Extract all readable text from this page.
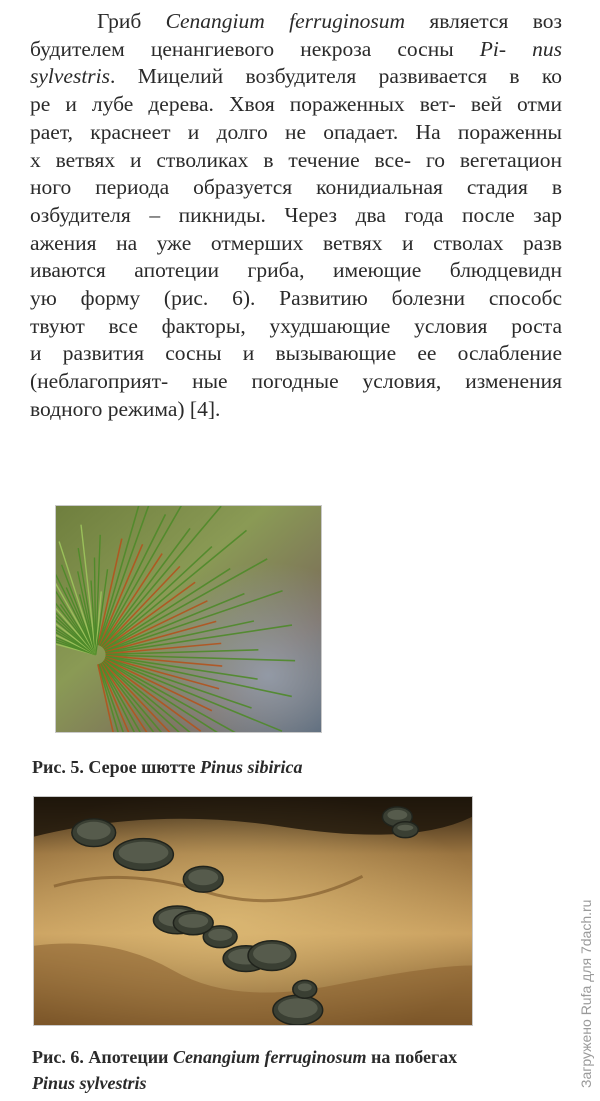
Гриб Cenangium ferruginosum является воз
будителем ценангиевого некроза сосны Pi- nus
sylvestris. Мицелий возбудителя развивается в ко
ре и лубе дерева. Хвоя пораженных вет- вей отми
рает, краснеет и долго не опадает. На пораженны
х ветвях и стволиках в течение все- го вегетацион
ного периода образуется конидиальная стадия в
озбудителя – пикниды. Через два года после зар
ажения на уже отмерших ветвях и стволах разв
иваются апотеции гриба, имеющие блюдцевидн
ую форму (рис. 6). Развитию болезни способс
твуют все факторы, ухудшающие условия роста
и развития сосны и вызывающие ее ослабление
(неблагоприят- ные погодные условия, изменения
водного режима) [4].

Рис. 5. Серое шютте Pinus sibirica

Рис. 6. Апотеции Cenangium ferruginosum на побегах
Pinus sylvestris	Загружено Rufa для 7dach.ru
